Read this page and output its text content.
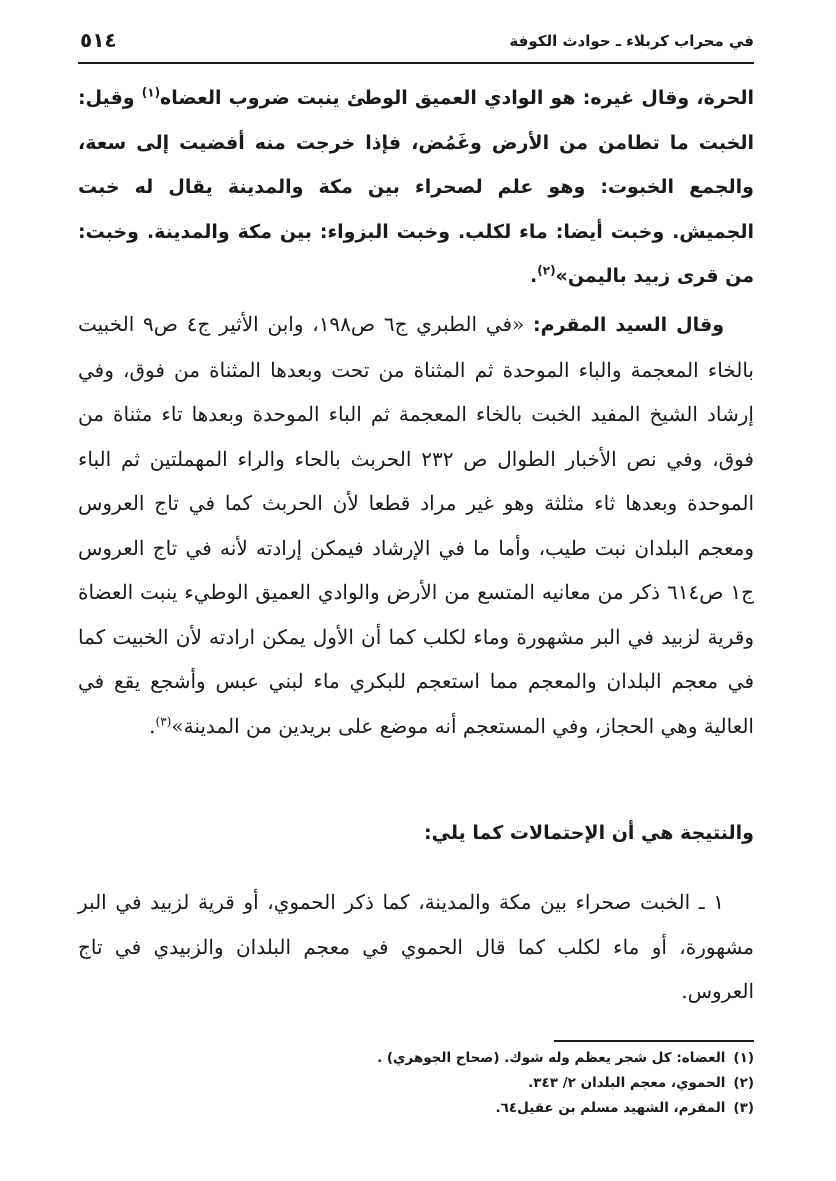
في محراب كربلاء ـ حوادث الكوفة
٥١٤
الحرة، وقال غيره: هو الوادي العميق الوطئ ينبت ضروب العضاه$^{(١)}$ وقيل: الخبت ما تطامن من الأرض وغَمُض، فإذا خرجت منه أفضيت إلى سعة، والجمع الخبوت: وهو علم لصحراء بين مكة والمدينة يقال له خبت الجميش. وخبت أيضا: ماء لكلب. وخبت البزواء: بين مكة والمدينة. وخبت: من قرى زبيد باليمن»$^{(٢)}$.
وقال السيد المقرم: «في الطبري ج٦ ص١٩٨، وابن الأثير ج٤ ص٩ الخبيت بالخاء المعجمة والباء الموحدة ثم المثناة من تحت وبعدها المثناة من فوق، وفي إرشاد الشيخ المفيد الخبت بالخاء المعجمة ثم الباء الموحدة وبعدها تاء مثناة من فوق، وفي نص الأخبار الطوال ص ٢٣٢ الحربث بالحاء والراء المهملتين ثم الباء الموحدة وبعدها ثاء مثلثة وهو غير مراد قطعا لأن الحربث كما في تاج العروس ومعجم البلدان نبت طيب، وأما ما في الإرشاد فيمكن إرادته لأنه في تاج العروس ج١ ص٦١٤ ذكر من معانيه المتسع من الأرض والوادي العميق الوطيء ينبت العضاة وقرية لزبيد في البر مشهورة وماء لكلب كما أن الأول يمكن ارادته لأن الخبيت كما في معجم البلدان والمعجم مما استعجم للبكري ماء لبني عبس وأشجع يقع في العالية وهي الحجاز، وفي المستعجم أنه موضع على بريدين من المدينة»$^{(٣)}$.
والنتيجة هي أن الإحتمالات كما يلي:
١ ـ الخبت صحراء بين مكة والمدينة، كما ذكر الحموي، أو قرية لزبيد في البر مشهورة، أو ماء لكلب كما قال الحموي في معجم البلدان والزبيدي في تاج العروس.
(١)العضاه: كل شجر يعظم وله شوك. (صحاح الجوهري) .
(٢)الحموي، معجم البلدان ٢/ ٣٤٣.
(٣)المقرم، الشهيد مسلم بن عقيل٦٤.
